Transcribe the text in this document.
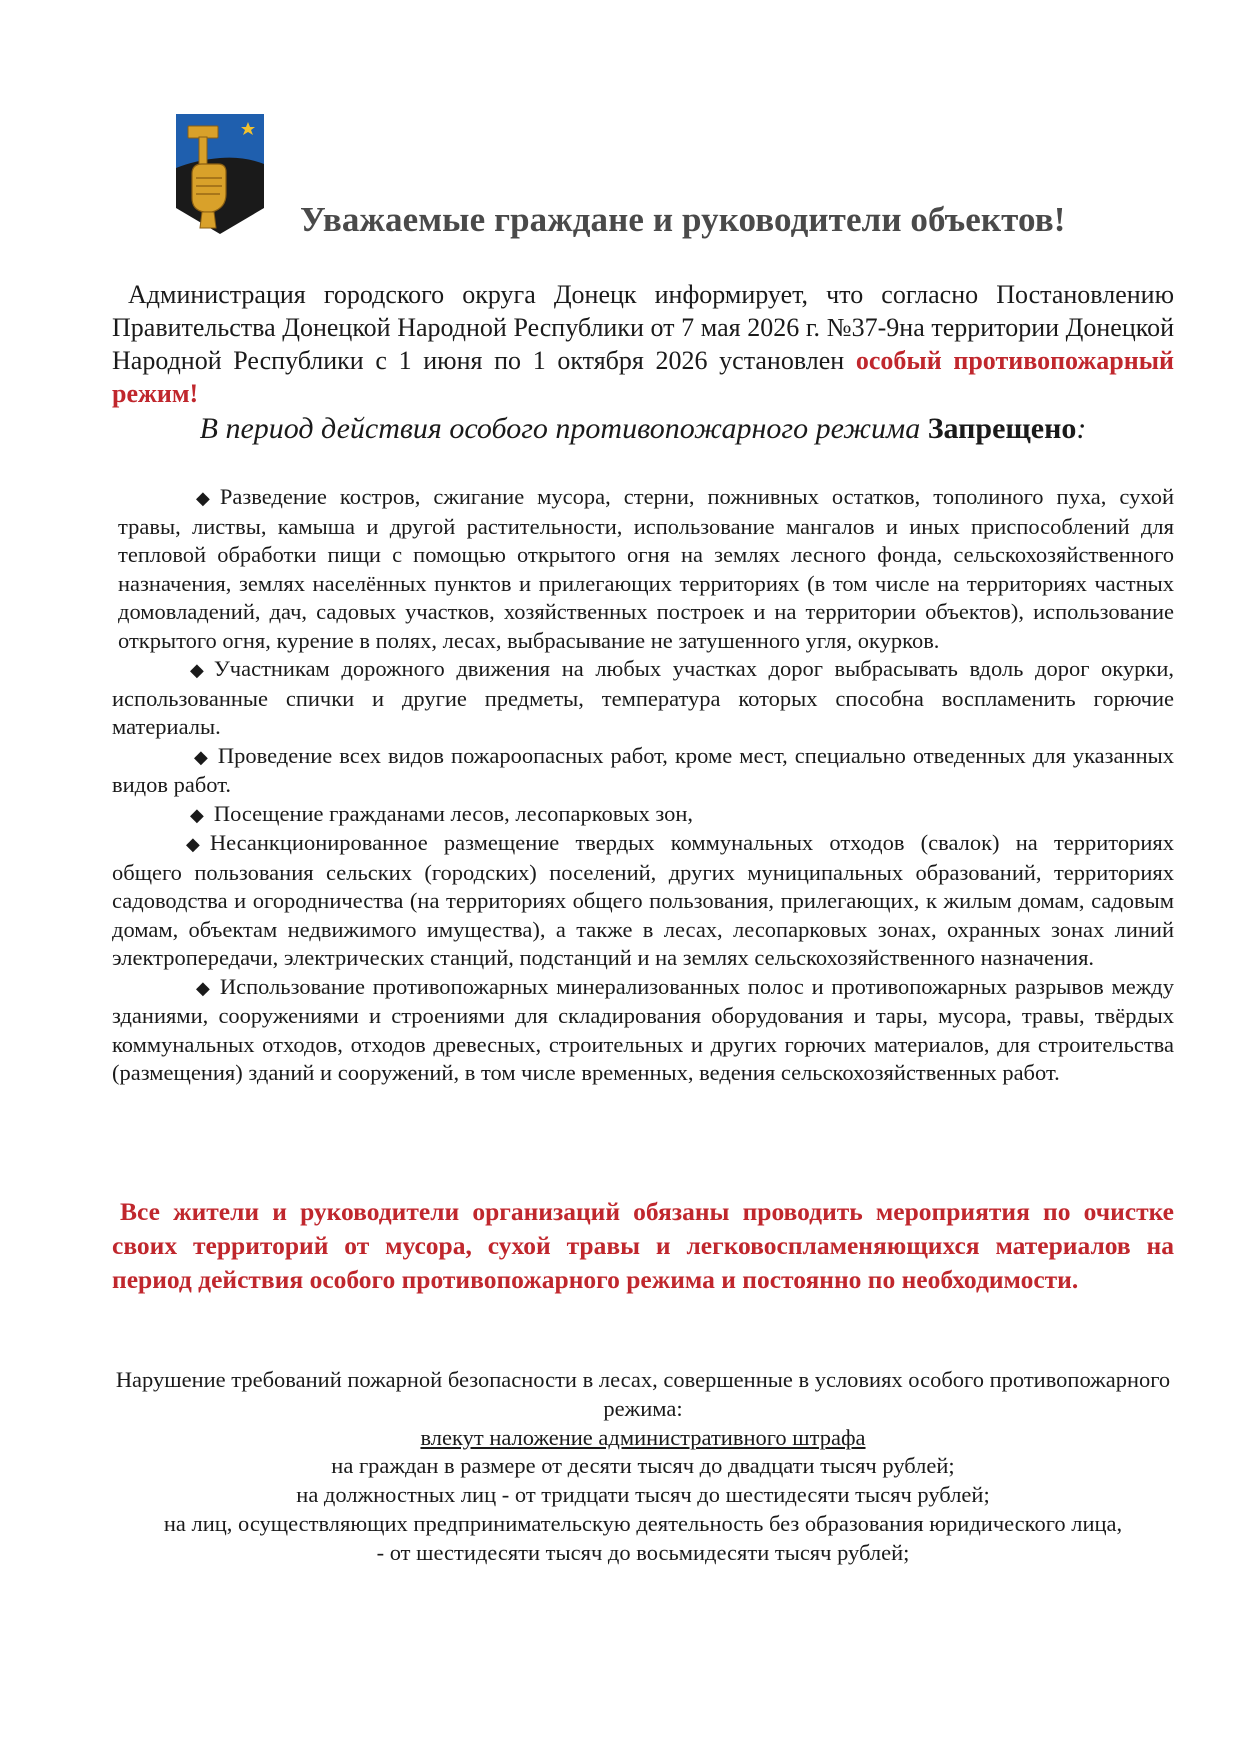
Уважаемые граждане и руководители объектов!
Администрация городского округа Донецк информирует, что согласно Постановлению Правительства Донецкой Народной Республики от 7 мая 2026 г. №37-9на территории Донецкой Народной Республики с 1 июня по 1 октября 2026 установлен особый противопожарный режим!
В период действия особого противопожарного режима Запрещено:
◆ Разведение костров, сжигание мусора, стерни, пожнивных остатков, тополиного пуха, сухой травы, листвы, камыша и другой растительности, использование мангалов и иных приспособлений для тепловой обработки пищи с помощью открытого огня на землях лесного фонда, сельскохозяйственного назначения, землях населённых пунктов и прилегающих территориях (в том числе на территориях частных домовладений, дач, садовых участков, хозяйственных построек и на территории объектов), использование открытого огня, курение в полях, лесах, выбрасывание не затушенного угля, окурков.
◆ Участникам дорожного движения на любых участках дорог выбрасывать вдоль дорог окурки, использованные спички и другие предметы, температура которых способна воспламенить горючие материалы.
◆ Проведение всех видов пожароопасных работ, кроме мест, специально отведенных для указанных видов работ.
◆ Посещение гражданами лесов, лесопарковых зон,
◆ Несанкционированное размещение твердых коммунальных отходов (свалок) на территориях общего пользования сельских (городских) поселений, других муниципальных образований, территориях садоводства и огородничества (на территориях общего пользования, прилегающих, к жилым домам, садовым домам, объектам недвижимого имущества), а также в лесах, лесопарковых зонах, охранных зонах линий электропередачи, электрических станций, подстанций и на землях сельскохозяйственного назначения.
◆ Использование противопожарных минерализованных полос и противопожарных разрывов между зданиями, сооружениями и строениями для складирования оборудования и тары, мусора, травы, твёрдых коммунальных отходов, отходов древесных, строительных и других горючих материалов, для строительства (размещения) зданий и сооружений, в том числе временных, ведения сельскохозяйственных работ.
Все жители и руководители организаций обязаны проводить мероприятия по очистке своих территорий от мусора, сухой травы и легковоспламеняющихся материалов на период действия особого противопожарного режима и постоянно по необходимости.
Нарушение требований пожарной безопасности в лесах, совершенные в условиях особого противопожарного режима:
влекут наложение административного штрафа
на граждан в размере от десяти тысяч до двадцати тысяч рублей;
на должностных лиц - от тридцати тысяч до шестидесяти тысяч рублей;
на лиц, осуществляющих предпринимательскую деятельность без образования юридического лица,
- от шестидесяти тысяч до восьмидесяти тысяч рублей;
